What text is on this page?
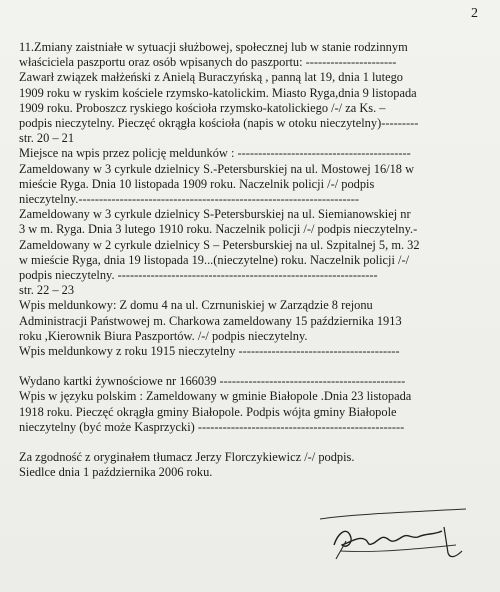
2
11.Zmiany zaistniałe w sytuacji służbowej, społecznej lub w stanie rodzinnym
właściciela paszportu oraz osób wpisanych do paszportu: ----------------------
Zawarł związek małżeński z Anielą Buraczyńską , panną lat 19, dnia 1 lutego
1909 roku w ryskim kościele rzymsko-katolickim. Miasto Ryga,dnia 9 listopada
1909 roku. Proboszcz ryskiego kościoła rzymsko-katolickiego /-/ za Ks. –
podpis nieczytelny. Pieczęć okrągła kościoła (napis w otoku nieczytelny)---------
str. 20 – 21
Miejsce na wpis przez policję meldunków : ------------------------------------------
Zameldowany w 3 cyrkule dzielnicy S.-Petersburskiej na ul. Mostowej 16/18 w
mieście Ryga. Dnia 10 listopada 1909 roku. Naczelnik policji /-/ podpis
nieczytelny.--------------------------------------------------------------------
Zameldowany w 3 cyrkule dzielnicy S-Petersburskiej na ul. Siemianowskiej nr
3 w m. Ryga. Dnia 3 lutego 1910 roku. Naczelnik policji /-/ podpis nieczytelny.-
Zameldowany w 2 cyrkule dzielnicy S – Petersburskiej na ul. Szpitalnej 5, m. 32
w mieście Ryga, dnia 19 listopada 19...(nieczytelne) roku. Naczelnik policji /-/
podpis nieczytelny. ---------------------------------------------------------------
str. 22 – 23
Wpis meldunkowy: Z domu 4 na ul. Czrnuniskiej w Zarządzie 8 rejonu
Administracji Państwowej m. Charkowa zameldowany 15 października 1913
roku ,Kierownik Biura Paszportów. /-/ podpis nieczytelny.
Wpis meldunkowy z roku 1915 nieczytelny ---------------------------------------
Wydano kartki żywnościowe nr 166039 ---------------------------------------------
Wpis w języku polskim : Zameldowany w gminie Białopole .Dnia 23 listopada
1918 roku. Pieczęć okrągła gminy Białopole. Podpis wójta gminy Białopole
nieczytelny (być może Kasprzycki) --------------------------------------------------
Za zgodność z oryginałem tłumacz Jerzy Florczykiewicz /-/ podpis.
Siedlce dnia 1 października 2006 roku.
